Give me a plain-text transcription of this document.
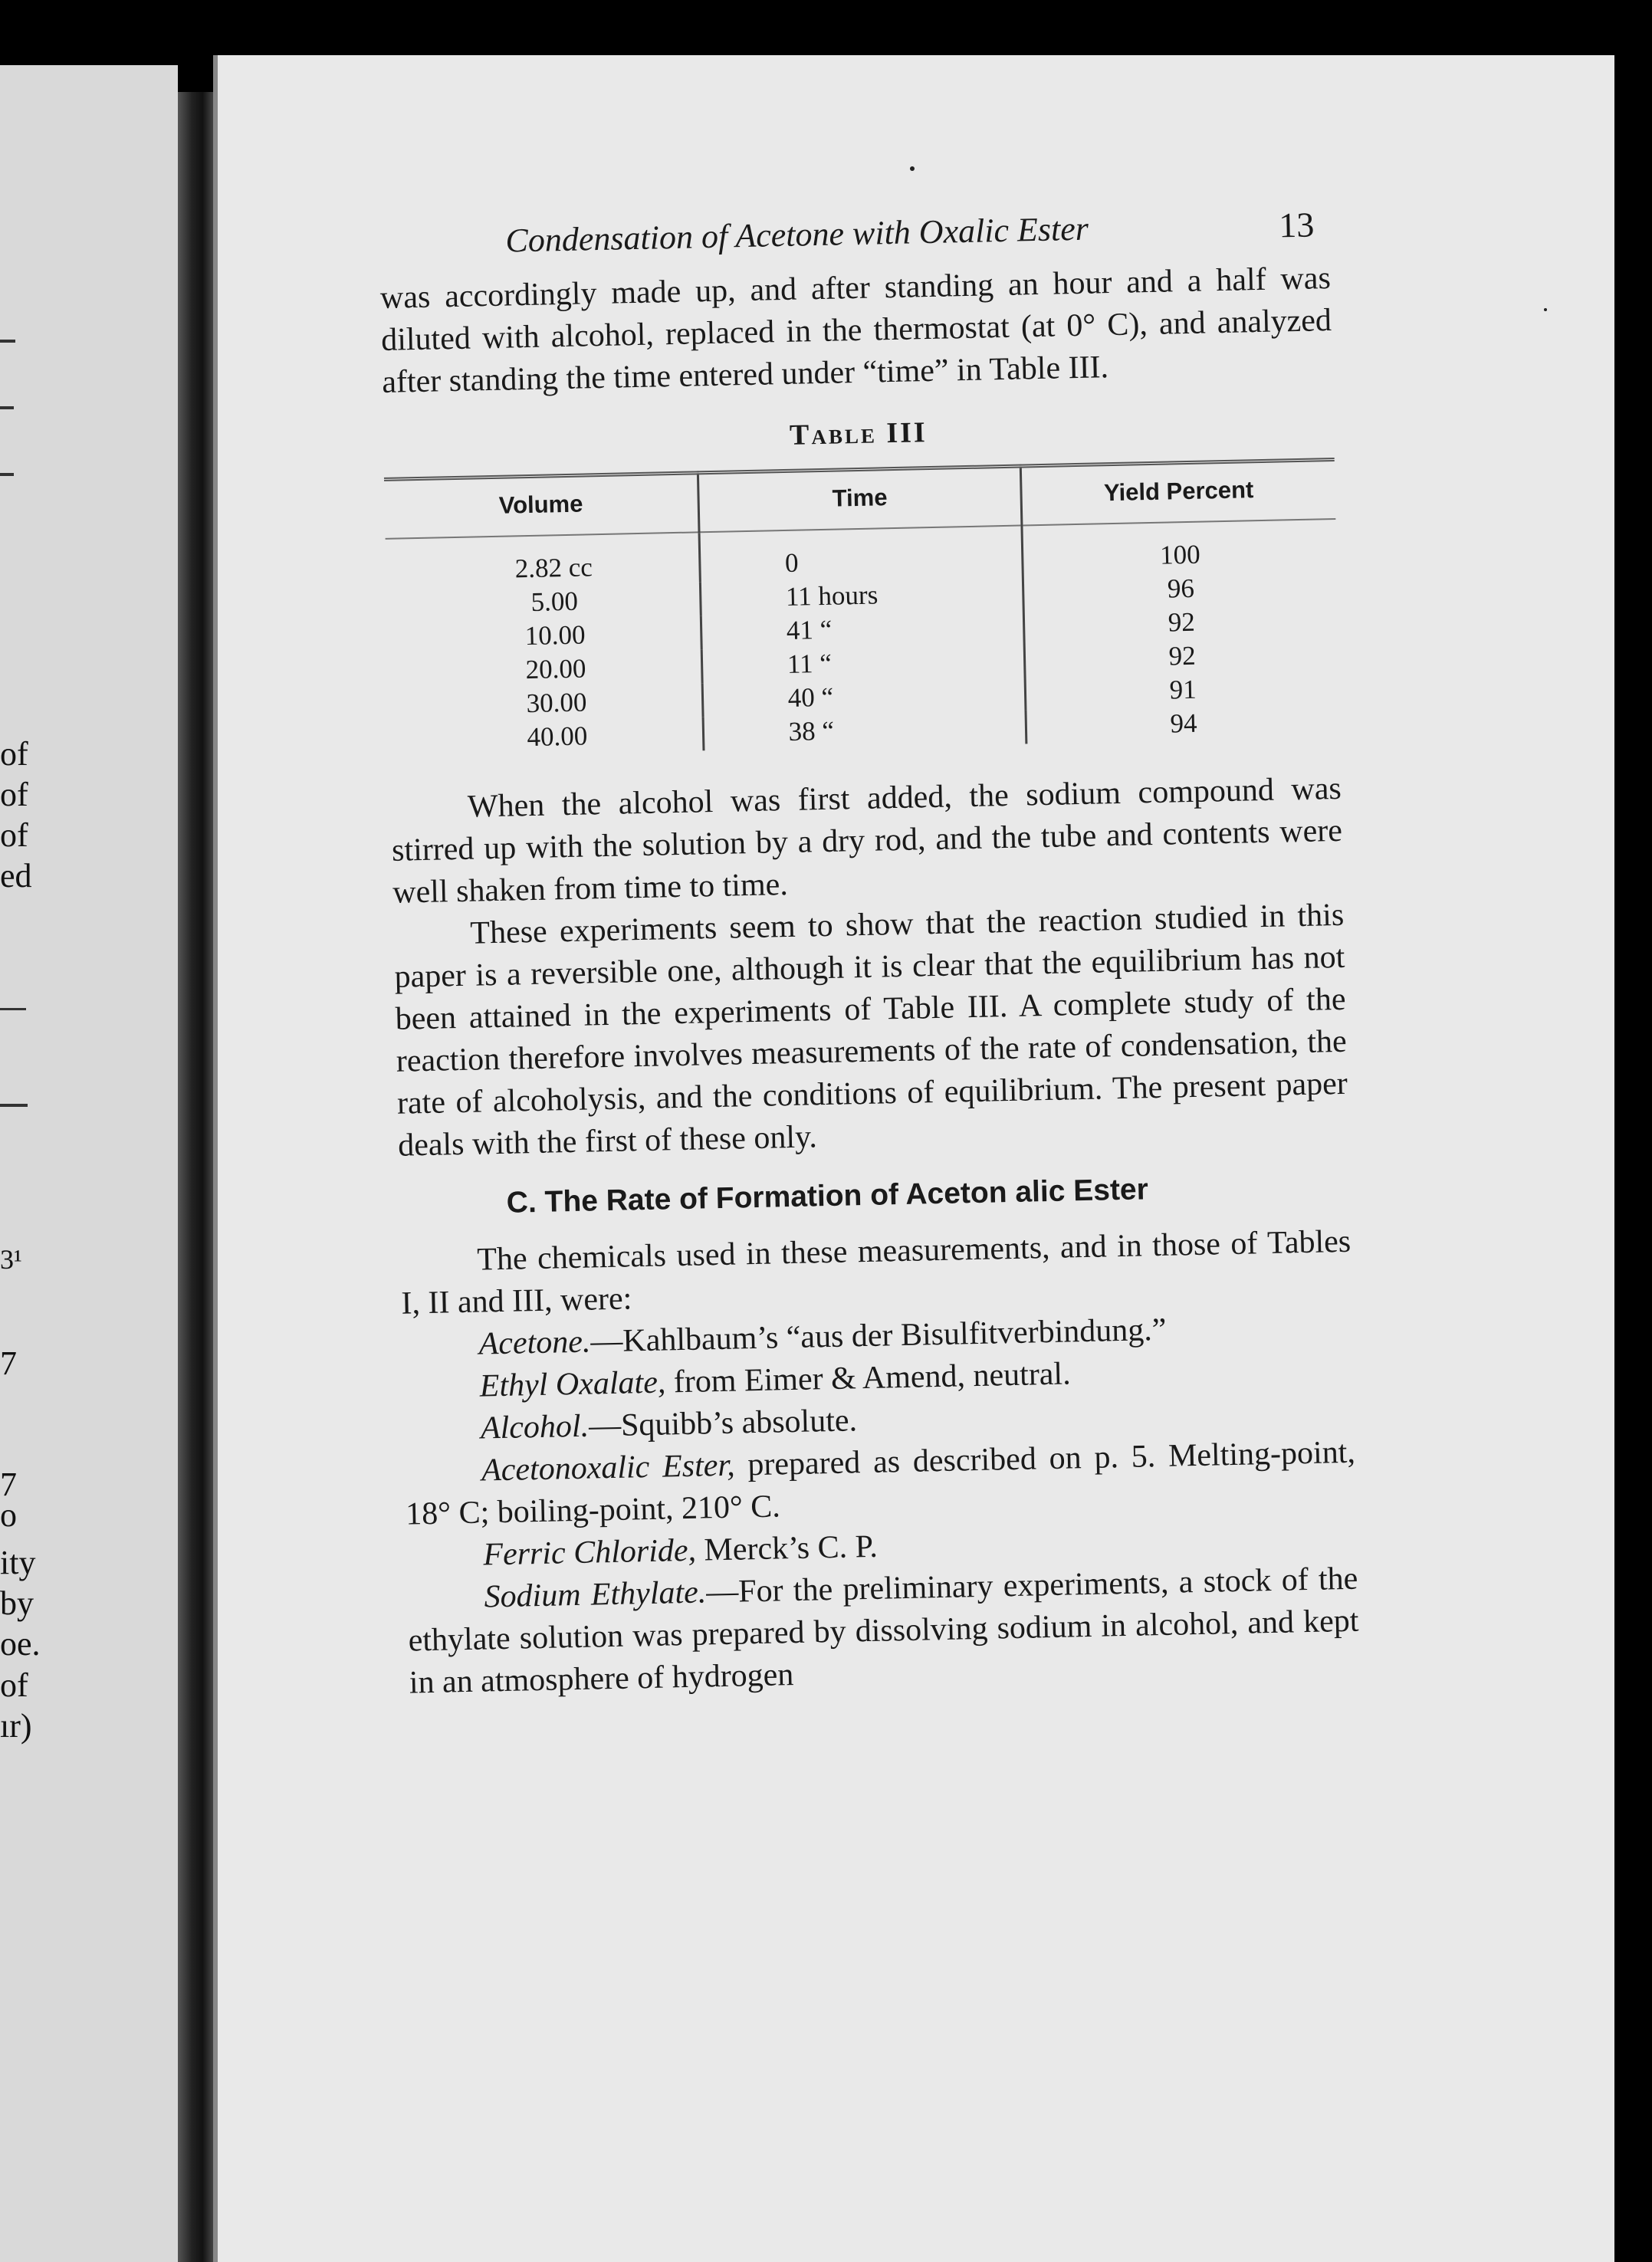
of
of
of
ed
3¹
7
7
o
ity
by
oe.
of
ır)
Condensation of Acetone with Oxalic Ester	13

was accordingly made up, and after standing an hour and a half was diluted with alcohol, replaced in the thermostat (at 0° C), and analyzed after standing the time entered under “time” in Table III.

Table III
Volume	Time	Yield Percent
2.82 cc	0	100
5.00	11 hours	96
10.00	41 “	92
20.00	11 “	92
30.00	40 “	91
40.00	38 “	94

When the alcohol was first added, the sodium compound was stirred up with the solution by a dry rod, and the tube and contents were well shaken from time to time.

These experiments seem to show that the reaction studied in this paper is a reversible one, although it is clear that the equilibrium has not been attained in the experiments of Table III. A complete study of the reaction therefore involves measurements of the rate of condensation, the rate of alcoholysis, and the conditions of equilibrium. The present paper deals with the first of these only.

C. The Rate of Formation of Aceton alic Ester

The chemicals used in these measurements, and in those of Tables I, II and III, were:

Acetone.—Kahlbaum’s “aus der Bisulfitverbindung.”

Ethyl Oxalate, from Eimer & Amend, neutral.

Alcohol.—Squibb’s absolute.

Acetonoxalic Ester, prepared as described on p. 5. Melting-point, 18° C; boiling-point, 210° C.

Ferric Chloride, Merck’s C. P.

Sodium Ethylate.—For the preliminary experiments, a stock of the ethylate solution was prepared by dissolving sodium in alcohol, and kept in an atmosphere of hydrogen
